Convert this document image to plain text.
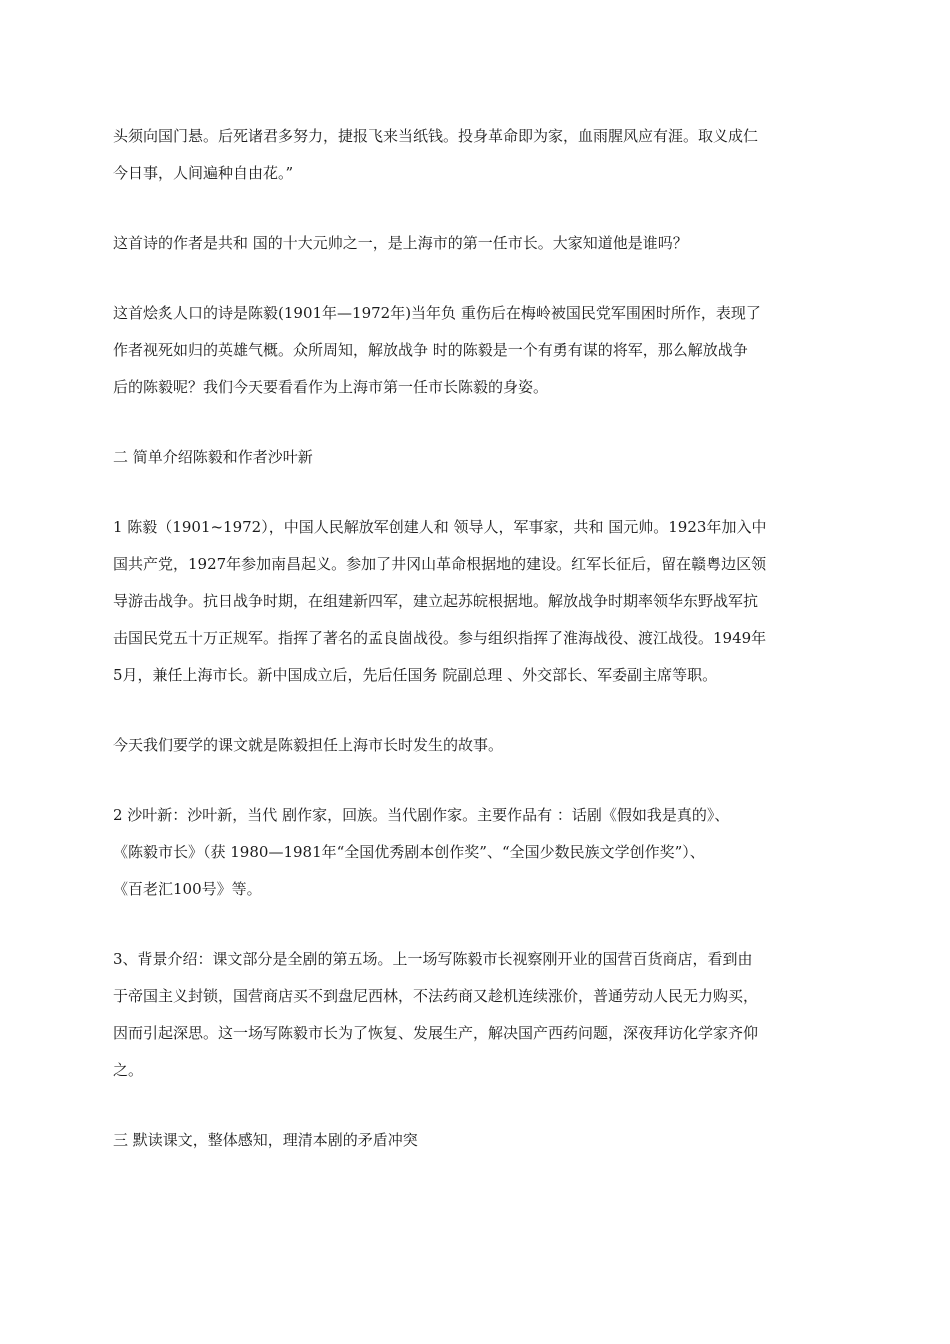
头须向国门悬。后死诸君多努力，捷报飞来当纸钱。投身革命即为家，血雨腥风应有涯。取义成仁
今日事，人间遍种自由花。”

这首诗的作者是共和 国的十大元帅之一，是上海市的第一任市长。大家知道他是谁吗？

这首烩炙人口的诗是陈毅(1901年—1972年)当年负 重伤后在梅岭被国民党军围困时所作，表现了
作者视死如归的英雄气概。众所周知，解放战争 时的陈毅是一个有勇有谋的将军，那么解放战争
后的陈毅呢？我们今天要看看作为上海市第一任市长陈毅的身姿。

二 简单介绍陈毅和作者沙叶新

1 陈毅（1901~1972），中国人民解放军创建人和 领导人，军事家，共和 国元帅。1923年加入中
国共产党，1927年参加南昌起义。参加了井冈山革命根据地的建设。红军长征后，留在赣粤边区领
导游击战争。抗日战争时期，在组建新四军，建立起苏皖根据地。解放战争时期率领华东野战军抗
击国民党五十万正规军。指挥了著名的孟良崮战役。参与组织指挥了淮海战役、渡江战役。1949年
5月，兼任上海市长。新中国成立后，先后任国务 院副总理 、外交部长、军委副主席等职。

今天我们要学的课文就是陈毅担任上海市长时发生的故事。

2 沙叶新：沙叶新，当代 剧作家，回族。当代剧作家。主要作品有 ：话剧《假如我是真的》、
《陈毅市长》（获 1980—1981年“全国优秀剧本创作奖”、“全国少数民族文学创作奖”）、
《百老汇100号》等。

3、背景介绍：课文部分是全剧的第五场。上一场写陈毅市长视察刚开业的国营百货商店，看到由
于帝国主义封锁，国营商店买不到盘尼西林，不法药商又趁机连续涨价，普通劳动人民无力购买，
因而引起深思。这一场写陈毅市长为了恢复、发展生产，解决国产西药问题，深夜拜访化学家齐仰
之。

三 默读课文，整体感知，理清本剧的矛盾冲突
